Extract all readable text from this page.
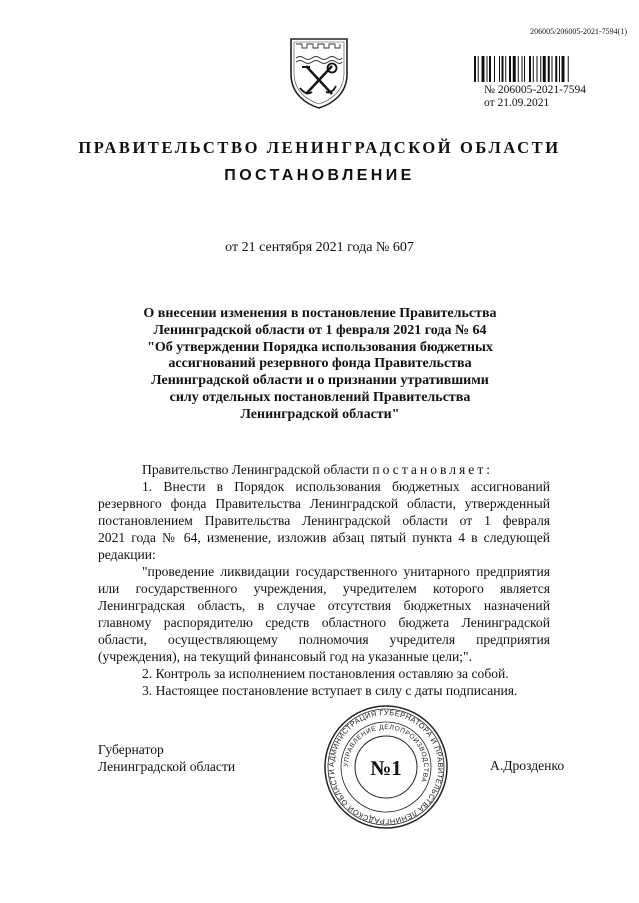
206005/206005-2021-7594(1)
№ 206005-2021-7594
от 21.09.2021
ПРАВИТЕЛЬСТВО ЛЕНИНГРАДСКОЙ ОБЛАСТИ
ПОСТАНОВЛЕНИЕ
от 21 сентября 2021 года № 607
О внесении изменения в постановление Правительства
Ленинградской области от 1 февраля 2021 года № 64
"Об утверждении Порядка использования бюджетных
ассигнований резервного фонда Правительства
Ленинградской области и о признании утратившими
силу отдельных постановлений Правительства
Ленинградской области"

Правительство Ленинградской области постановляет:

1. Внести в Порядок использования бюджетных ассигнований

резервного фонда Правительства Ленинградской области, утвержденный

постановлением Правительства Ленинградской области от 1 февраля

2021 года № 64, изменение, изложив абзац пятый пункта 4 в следующей

редакции:

"проведение ликвидации государственного унитарного предприятия

или государственного учреждения, учредителем которого является

Ленинградская область, в случае отсутствия бюджетных назначений

главному распорядителю средств областного бюджета Ленинградской

области, осуществляющему полномочия учредителя предприятия

(учреждения), на текущий финансовый год на указанные цели;".

2. Контроль за исполнением постановления оставляю за собой.

3. Настоящее постановление вступает в силу с даты подписания.

Губернатор
Ленинградской области	А.Дрозденко
АДМИНИСТРАЦИЯ ГУБЕРНАТОРА И ПРАВИТЕЛЬСТВА ЛЕНИНГРАДСКОЙ ОБЛАСТИ
УПРАВЛЕНИЕ ДЕЛОПРОИЗВОДСТВА
№1
